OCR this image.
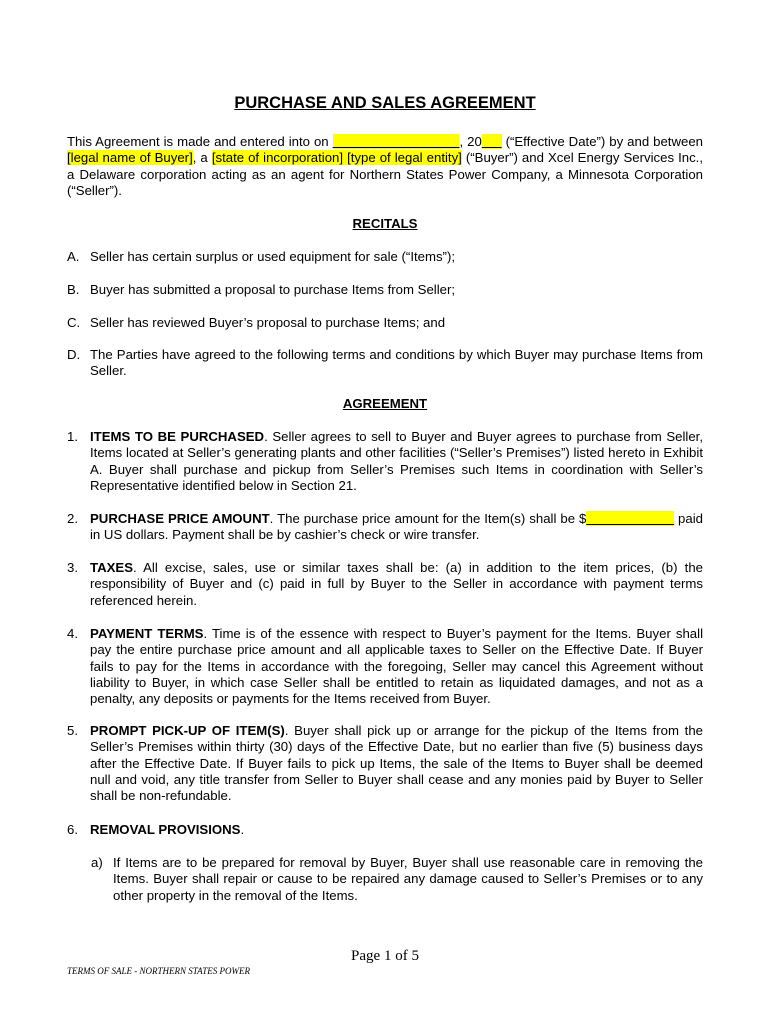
PURCHASE AND SALES AGREEMENT
This Agreement is made and entered into on	, 20      (“Effective Date”) by and between [legal name of Buyer], a [state of incorporation] [type of legal entity] (“Buyer”) and Xcel Energy Services Inc., a Delaware corporation acting as an agent for Northern States Power Company, a Minnesota Corporation (“Seller”).
RECITALS
A. Seller has certain surplus or used equipment for sale (“Items”);
B. Buyer has submitted a proposal to purchase Items from Seller;
C. Seller has reviewed Buyer’s proposal to purchase Items; and
D. The Parties have agreed to the following terms and conditions by which Buyer may purchase Items from Seller.
AGREEMENT
1. ITEMS TO BE PURCHASED. Seller agrees to sell to Buyer and Buyer agrees to purchase from Seller, Items located at Seller’s generating plants and other facilities (“Seller’s Premises”) listed hereto in Exhibit A. Buyer shall purchase and pickup from Seller’s Premises such Items in coordination with Seller’s Representative identified below in Section 21.
2. PURCHASE PRICE AMOUNT. The purchase price amount for the Item(s) shall be $	paid in US dollars. Payment shall be by cashier’s check or wire transfer.
3. TAXES. All excise, sales, use or similar taxes shall be: (a) in addition to the item prices, (b) the responsibility of Buyer and (c) paid in full by Buyer to the Seller in accordance with payment terms referenced herein.
4. PAYMENT TERMS. Time is of the essence with respect to Buyer’s payment for the Items. Buyer shall pay the entire purchase price amount and all applicable taxes to Seller on the Effective Date. If Buyer fails to pay for the Items in accordance with the foregoing, Seller may cancel this Agreement without liability to Buyer, in which case Seller shall be entitled to retain as liquidated damages, and not as a penalty, any deposits or payments for the Items received from Buyer.
5. PROMPT PICK-UP OF ITEM(S). Buyer shall pick up or arrange for the pickup of the Items from the Seller’s Premises within thirty (30) days of the Effective Date, but no earlier than five (5) business days after the Effective Date. If Buyer fails to pick up Items, the sale of the Items to Buyer shall be deemed null and void, any title transfer from Seller to Buyer shall cease and any monies paid by Buyer to Seller shall be non-refundable.
6. REMOVAL PROVISIONS.
a) If Items are to be prepared for removal by Buyer, Buyer shall use reasonable care in removing the Items. Buyer shall repair or cause to be repaired any damage caused to Seller’s Premises or to any other property in the removal of the Items.
Page 1 of 5
TERMS OF SALE - NORTHERN STATES POWER
